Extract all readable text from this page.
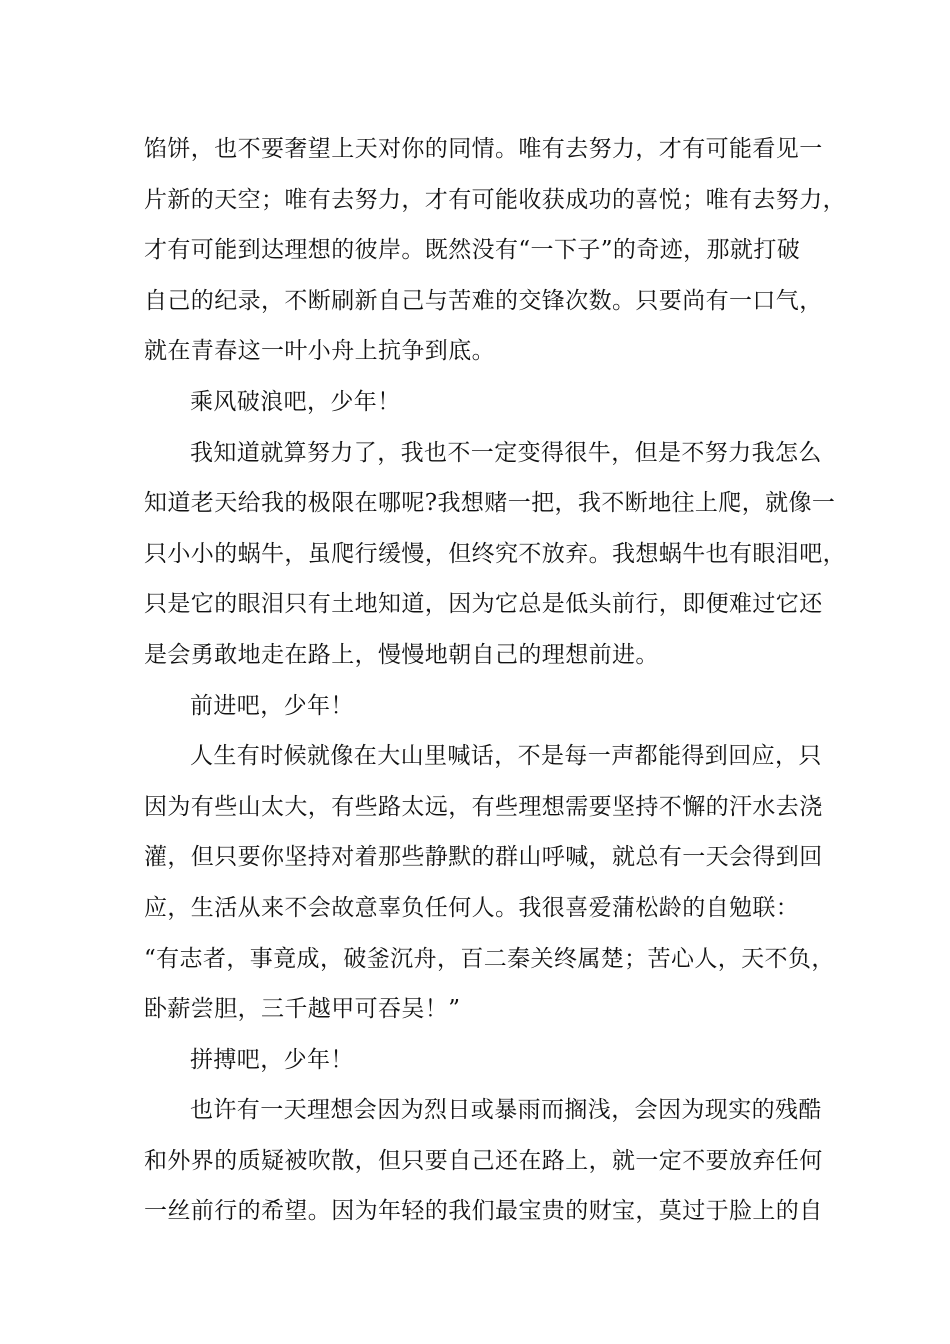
馅饼，也不要奢望上天对你的同情。唯有去努力，才有可能看见一
片新的天空；唯有去努力，才有可能收获成功的喜悦；唯有去努力，
才有可能到达理想的彼岸。既然没有“一下子”的奇迹，那就打破
自己的纪录，不断刷新自己与苦难的交锋次数。只要尚有一口气，
就在青春这一叶小舟上抗争到底。
乘风破浪吧，少年！
我知道就算努力了，我也不一定变得很牛，但是不努力我怎么
知道老天给我的极限在哪呢?我想赌一把，我不断地往上爬，就像一
只小小的蜗牛，虽爬行缓慢，但终究不放弃。我想蜗牛也有眼泪吧，
只是它的眼泪只有土地知道，因为它总是低头前行，即便难过它还
是会勇敢地走在路上，慢慢地朝自己的理想前进。
前进吧，少年！
人生有时候就像在大山里喊话，不是每一声都能得到回应，只
因为有些山太大，有些路太远，有些理想需要坚持不懈的汗水去浇
灌，但只要你坚持对着那些静默的群山呼喊，就总有一天会得到回
应，生活从来不会故意辜负任何人。我很喜爱蒲松龄的自勉联：
“有志者，事竟成，破釜沉舟，百二秦关终属楚；苦心人，天不负，
卧薪尝胆，三千越甲可吞吴！”
拼搏吧，少年！
也许有一天理想会因为烈日或暴雨而搁浅，会因为现实的残酷
和外界的质疑被吹散，但只要自己还在路上，就一定不要放弃任何
一丝前行的希望。因为年轻的我们最宝贵的财宝，莫过于脸上的自
